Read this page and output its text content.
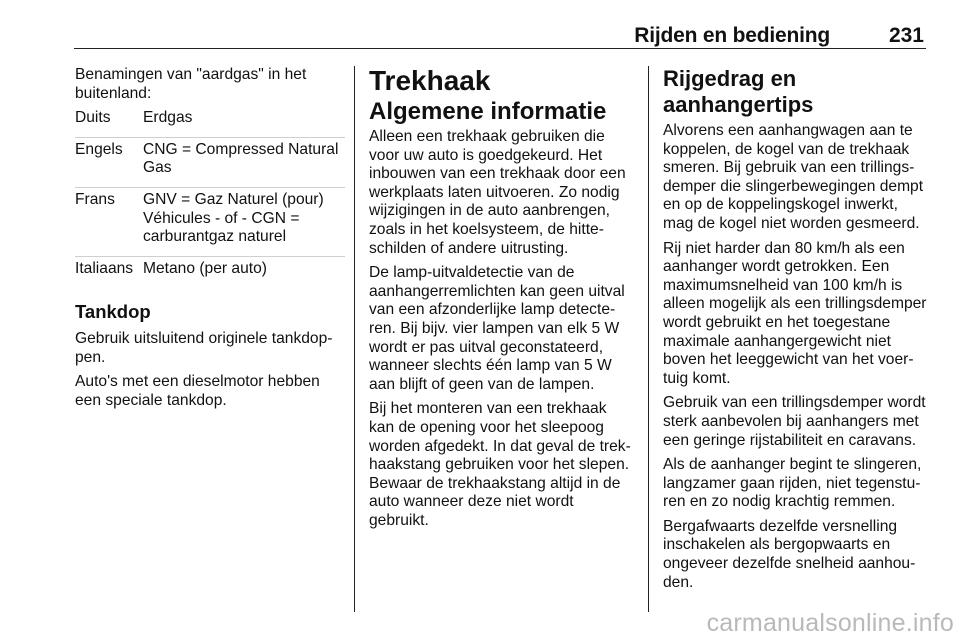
Rijden en bediening	231

Benamingen van "aardgas" in het buitenland:

Duits	Erdgas
Engels	CNG = Compressed Natural Gas
Frans	GNV = Gaz Naturel (pour) Véhicules - of - CGN = carburantgaz naturel
Italiaans	Metano (per auto)
Tankdop

Gebruik uitsluitend originele tankdoppen.

Auto's met een dieselmotor hebben een speciale tankdop.

Trekhaak
Algemene informatie

Alleen een trekhaak gebruiken die voor uw auto is goedgekeurd. Het inbouwen van een trekhaak door een werkplaats laten uitvoeren. Zo nodig wijzigingen in de auto aanbrengen, zoals in het koelsysteem, de hitteschilden of andere uitrusting.

De lamp-uitvaldetectie van de aanhangerremlichten kan geen uitval van een afzonderlijke lamp detecteren. Bij bijv. vier lampen van elk 5 W wordt er pas uitval geconstateerd, wanneer slechts één lamp van 5 W aan blijft of geen van de lampen.

Bij het monteren van een trekhaak kan de opening voor het sleepoog worden afgedekt. In dat geval de trekhaakstang gebruiken voor het slepen. Bewaar de trekhaakstang altijd in de auto wanneer deze niet wordt gebruikt.

Rijgedrag en aanhangertips

Alvorens een aanhangwagen aan te koppelen, de kogel van de trekhaak smeren. Bij gebruik van een trillingsdemper die slingerbewegingen dempt en op de koppelingskogel inwerkt, mag de kogel niet worden gesmeerd.

Rij niet harder dan 80 km/h als een aanhanger wordt getrokken. Een maximumsnelheid van 100 km/h is alleen mogelijk als een trillingsdemper wordt gebruikt en het toegestane maximale aanhangergewicht niet boven het leeggewicht van het voertuig komt.

Gebruik van een trillingsdemper wordt sterk aanbevolen bij aanhangers met een geringe rijstabiliteit en caravans.

Als de aanhanger begint te slingeren, langzamer gaan rijden, niet tegensturen en zo nodig krachtig remmen.

Bergafwaarts dezelfde versnelling inschakelen als bergopwaarts en ongeveer dezelfde snelheid aanhouden.

carmanualsonline.info
